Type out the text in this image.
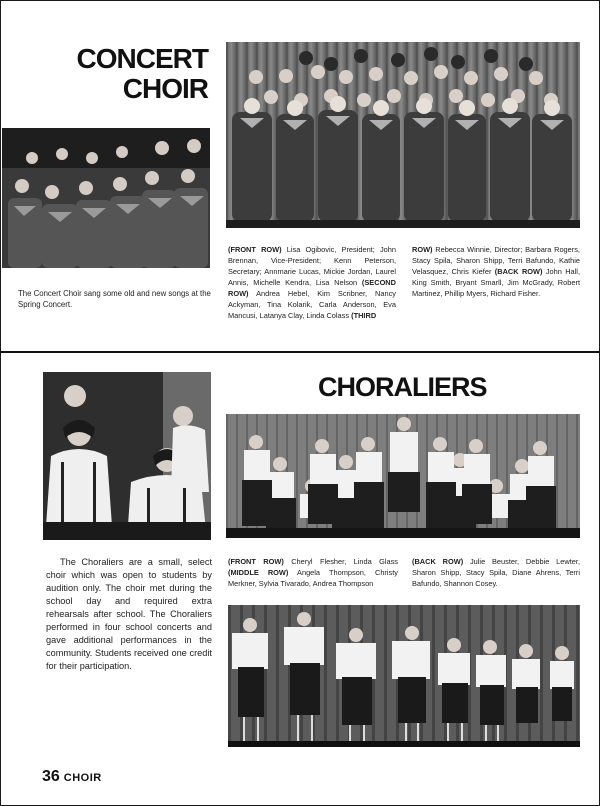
CONCERT
CHOIR
The Concert Choir sang some old and new songs at the Spring Concert.
(FRONT ROW) Lisa Ogibovic, President; John Brennan, Vice-President; Kenn Peterson, Secretary; Annmarie Lucas, Mickie Jordan, Laurel Annis, Michelle Kendra, Lisa Nelson (SECOND ROW) Andrea Hebel, Kim Scribner, Nancy Ackyman, Tina Kolarik, Carla Anderson, Eva Mancusi, Latanya Clay, Linda Colass (THIRD
ROW) Rebecca Winnie, Director; Barbara Rogers, Stacy Spila, Sharon Shipp, Terri Bafundo, Kathie Velasquez, Chris Kiefer (BACK ROW) John Hall, King Smith, Bryant Smarll, Jim McGrady, Robert Martinez, Phillip Myers, Richard Fisher.
CHORALIERS
The Choraliers are a small, select choir which was open to students by audition only. The choir met during the school day and required extra rehearsals after school. The Choraliers performed in four school concerts and gave additional performances in the community. Students received one credit for their participation.
(FRONT ROW) Cheryl Flesher, Linda Glass (MIDDLE ROW) Angela Thompson, Christy Merkner, Sylvia Tivarado, Andrea Thompson
(BACK ROW) Julie Beuster, Debbie Lewter, Sharon Shipp, Stacy Spila, Diane Ahrens, Terri Bafundo, Shannon Cosey.
36 CHOIR
